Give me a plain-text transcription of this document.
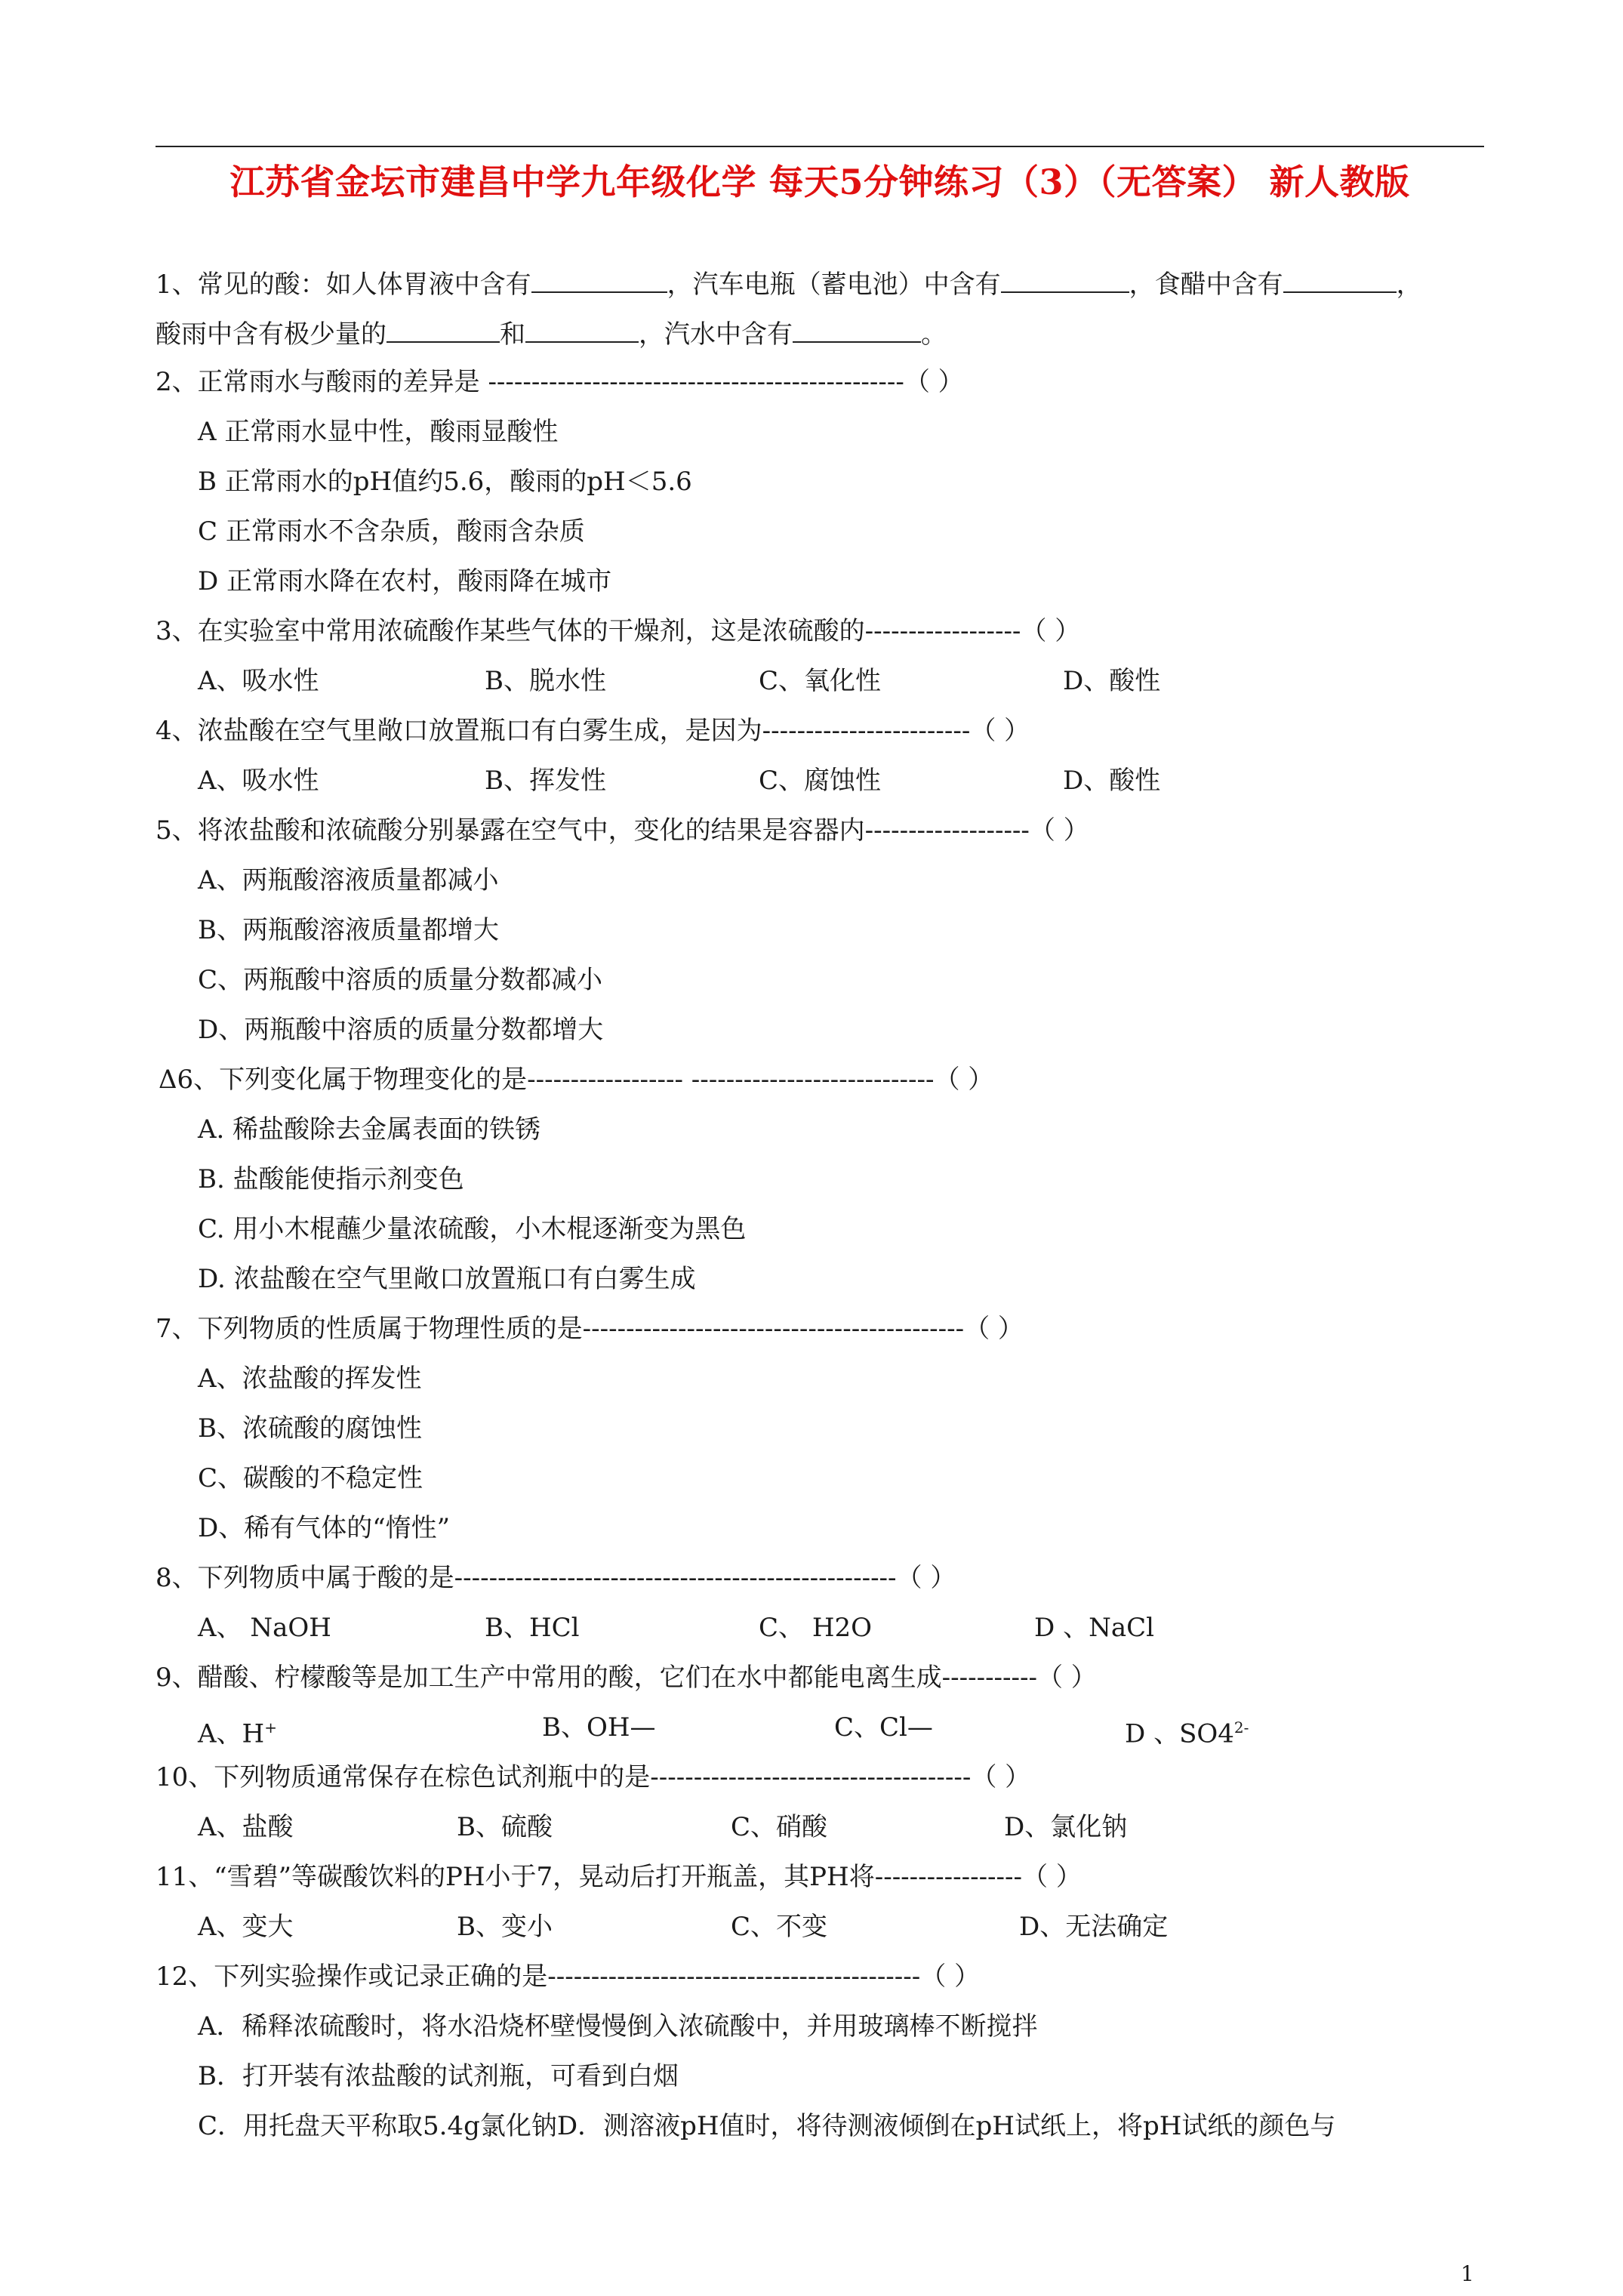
江苏省金坛市建昌中学九年级化学 每天5分钟练习（3）（无答案） 新人教版
1、常见的酸：如人体胃液中含有	，汽车电瓶（蓄电池）中含有	，食醋中含有	，
酸雨中含有极少量的	和	，汽水中含有	。
2、正常雨水与酸雨的差异是 ------------------------------------------------（ ）
A 正常雨水显中性，酸雨显酸性
B 正常雨水的pH值约5.6，酸雨的pH＜5.6
C 正常雨水不含杂质，酸雨含杂质
D 正常雨水降在农村，酸雨降在城市
3、在实验室中常用浓硫酸作某些气体的干燥剂，这是浓硫酸的------------------（ ）
A、吸水性	B、脱水性	C、氧化性	D、酸性
4、浓盐酸在空气里敞口放置瓶口有白雾生成，是因为------------------------（ ）
A、吸水性	B、挥发性	C、腐蚀性	D、酸性
5、将浓盐酸和浓硫酸分别暴露在空气中，变化的结果是容器内-------------------（ ）
A、两瓶酸溶液质量都减小
B、两瓶酸溶液质量都增大
C、两瓶酸中溶质的质量分数都减小
D、两瓶酸中溶质的质量分数都增大
Δ6、下列变化属于物理变化的是------------------ ----------------------------（ ）
A. 稀盐酸除去金属表面的铁锈
B. 盐酸能使指示剂变色
C. 用小木棍蘸少量浓硫酸，小木棍逐渐变为黑色
D. 浓盐酸在空气里敞口放置瓶口有白雾生成
7、下列物质的性质属于物理性质的是--------------------------------------------（ ）
A、浓盐酸的挥发性
B、浓硫酸的腐蚀性
C、碳酸的不稳定性
D、稀有气体的“惰性”
8、下列物质中属于酸的是---------------------------------------------------（ ）
A、 NaOH	B、HCl	C、 H2O	D 、NaCl
9、醋酸、柠檬酸等是加工生产中常用的酸，它们在水中都能电离生成-----------（ ）
A、H+	B、OH—	C、Cl—	D 、$SO4^{2-}$
10、下列物质通常保存在棕色试剂瓶中的是-------------------------------------（ ）
A、盐酸	B、硫酸	C、硝酸	D、氯化钠
11、“雪碧”等碳酸饮料的PH小于7，晃动后打开瓶盖，其PH将-----------------（ ）
A、变大	B、变小	C、不变	D、无法确定
12、下列实验操作或记录正确的是-------------------------------------------（ ）
A．稀释浓硫酸时，将水沿烧杯壁慢慢倒入浓硫酸中，并用玻璃棒不断搅拌
B．打开装有浓盐酸的试剂瓶，可看到白烟
C．用托盘天平称取5.4g氯化钠D．测溶液pH值时，将待测液倾倒在pH试纸上，将pH试纸的颜色与
1
